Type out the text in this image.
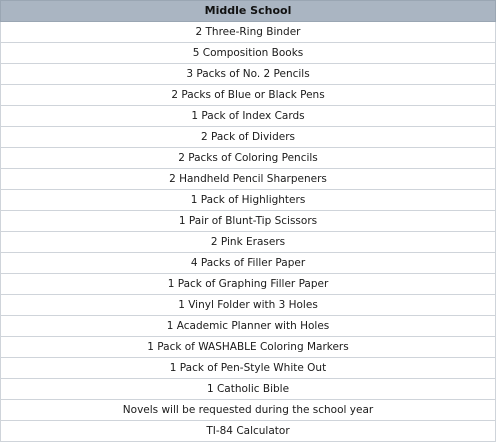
Middle School
2 Three-Ring Binder
5 Composition Books
3 Packs of No. 2 Pencils
2 Packs of Blue or Black Pens
1 Pack of Index Cards
2 Pack of Dividers
2 Packs of Coloring Pencils
2 Handheld Pencil Sharpeners
1 Pack of Highlighters
1 Pair of Blunt-Tip Scissors
2 Pink Erasers
4 Packs of Filler Paper
1 Pack of Graphing Filler Paper
1 Vinyl Folder with 3 Holes
1 Academic Planner with Holes
1 Pack of WASHABLE Coloring Markers
1 Pack of Pen-Style White Out
1 Catholic Bible
Novels will be requested during the school year
TI-84 Calculator
